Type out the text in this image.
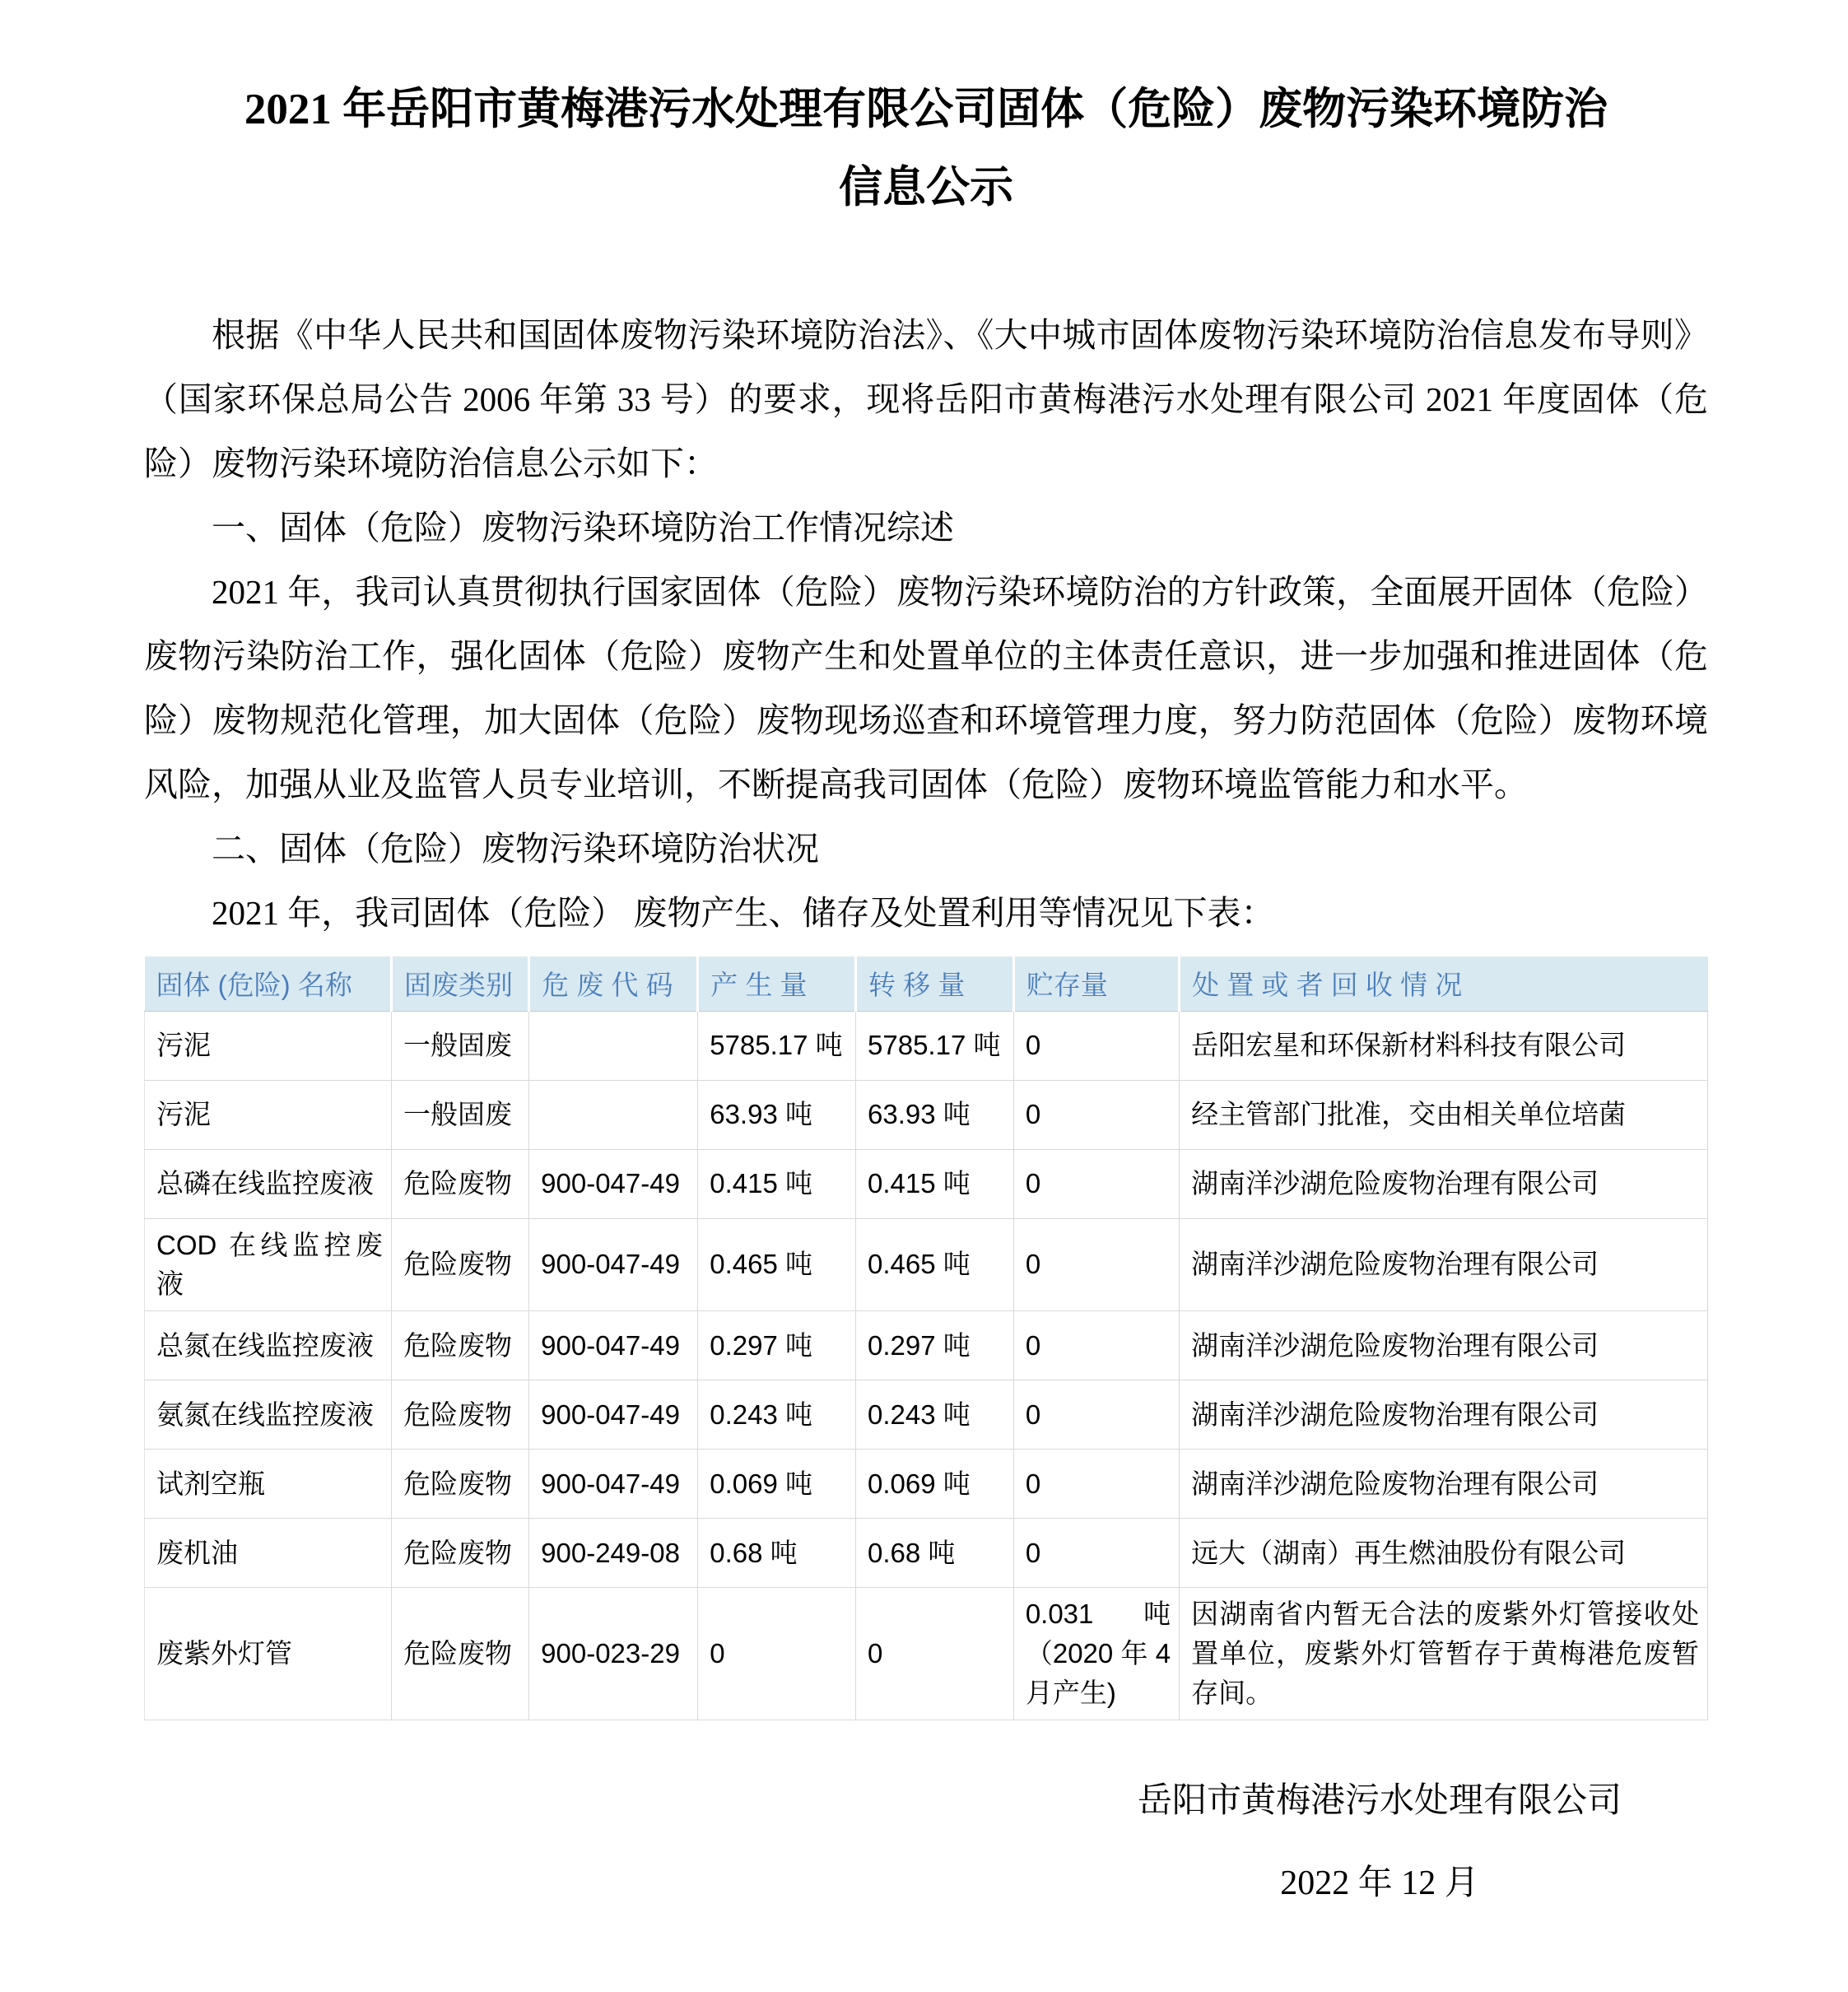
2021 年岳阳市黄梅港污水处理有限公司固体（危险）废物污染环境防治
信息公示

根据《中华人民共和国固体废物污染环境防治法》、《大中城市固体废物污染环境防治信息发布导则》（国家环保总局公告 2006 年第 33 号）的要求，现将岳阳市黄梅港污水处理有限公司 2021 年度固体（危险）废物污染环境防治信息公示如下：

一、固体（危险）废物污染环境防治工作情况综述

2021 年，我司认真贯彻执行国家固体（危险）废物污染环境防治的方针政策，全面展开固体（危险）废物污染防治工作，强化固体（危险）废物产生和处置单位的主体责任意识，进一步加强和推进固体（危险）废物规范化管理，加大固体（危险）废物现场巡查和环境管理力度，努力防范固体（危险）废物环境风险，加强从业及监管人员专业培训，不断提高我司固体（危险）废物环境监管能力和水平。

二、固体（危险）废物污染环境防治状况

2021 年，我司固体（危险） 废物产生、储存及处置利用等情况见下表：

固体 (危险) 名称	固废类别	危 废 代 码	产 生 量	转 移 量	贮存量	处 置 或 者 回 收 情 况
污泥	一般固废		5785.17 吨	5785.17 吨	0	岳阳宏星和环保新材料科技有限公司
污泥	一般固废		63.93 吨	63.93 吨	0	经主管部门批准，交由相关单位培菌
总磷在线监控废液	危险废物	900-047-49	0.415 吨	0.415 吨	0	湖南洋沙湖危险废物治理有限公司
COD 在线监控废液	危险废物	900-047-49	0.465 吨	0.465 吨	0	湖南洋沙湖危险废物治理有限公司
总氮在线监控废液	危险废物	900-047-49	0.297 吨	0.297 吨	0	湖南洋沙湖危险废物治理有限公司
氨氮在线监控废液	危险废物	900-047-49	0.243 吨	0.243 吨	0	湖南洋沙湖危险废物治理有限公司
试剂空瓶	危险废物	900-047-49	0.069 吨	0.069 吨	0	湖南洋沙湖危险废物治理有限公司
废机油	危险废物	900-249-08	0.68 吨	0.68 吨	0	远大（湖南）再生燃油股份有限公司
废紫外灯管	危险废物	900-023-29	0	0	0.031 吨（2020 年 4 月产生)	因湖南省内暂无合法的废紫外灯管接收处置单位，废紫外灯管暂存于黄梅港危废暂存间。
岳阳市黄梅港污水处理有限公司
2022 年 12 月
